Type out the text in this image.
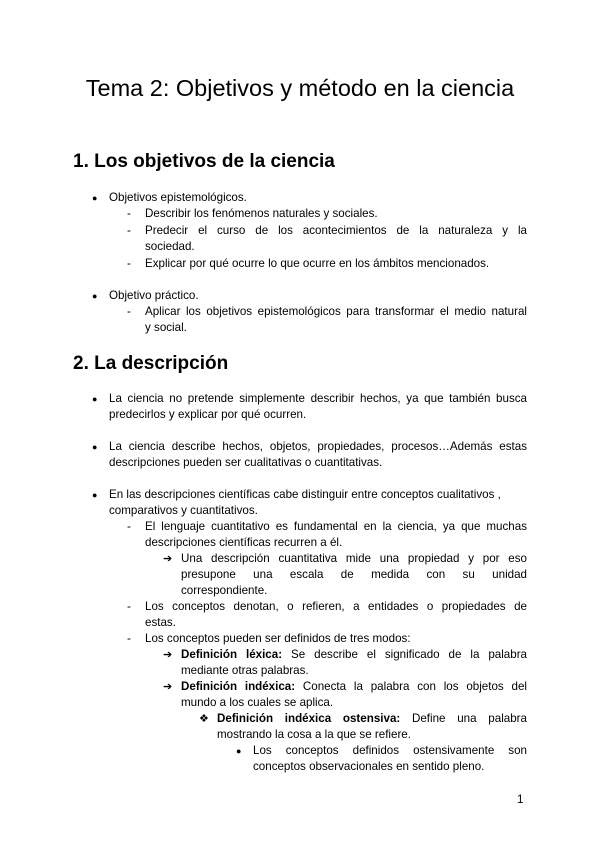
Tema 2: Objetivos y método en la ciencia
1. Los objetivos de la ciencia
● Objetivos epistemológicos.

- Describir los fenómenos naturales y sociales.

- Predecir el curso de los acontecimientos de la naturaleza y la

sociedad.

- Explicar por qué ocurre lo que ocurre en los ámbitos mencionados.

● Objetivo práctico.

- Aplicar los objetivos epistemológicos para transformar el medio natural

y social.

2. La descripción
● La ciencia no pretende simplemente describir hechos, ya que también busca

predecirlos y explicar por qué ocurren.

● La ciencia describe hechos, objetos, propiedades, procesos…Además estas

descripciones pueden ser cualitativas o cuantitativas.

● En las descripciones científicas cabe distinguir entre conceptos cualitativos ,

comparativos y cuantitativos.

- El lenguaje cuantitativo es fundamental en la ciencia, ya que muchas

descripciones científicas recurren a él.

➔ Una descripción cuantitativa mide una propiedad y por eso

presupone una escala de medida con su unidad

correspondiente.

- Los conceptos denotan, o refieren, a entidades o propiedades de

estas.

- Los conceptos pueden ser definidos de tres modos:

➔ Definición léxica: Se describe el significado de la palabra

mediante otras palabras.

➔ Definición indéxica: Conecta la palabra con los objetos del

mundo a los cuales se aplica.

❖ Definición indéxica ostensiva: Define una palabra

mostrando la cosa a la que se refiere.

● Los conceptos definidos ostensivamente son

conceptos observacionales en sentido pleno.

1
